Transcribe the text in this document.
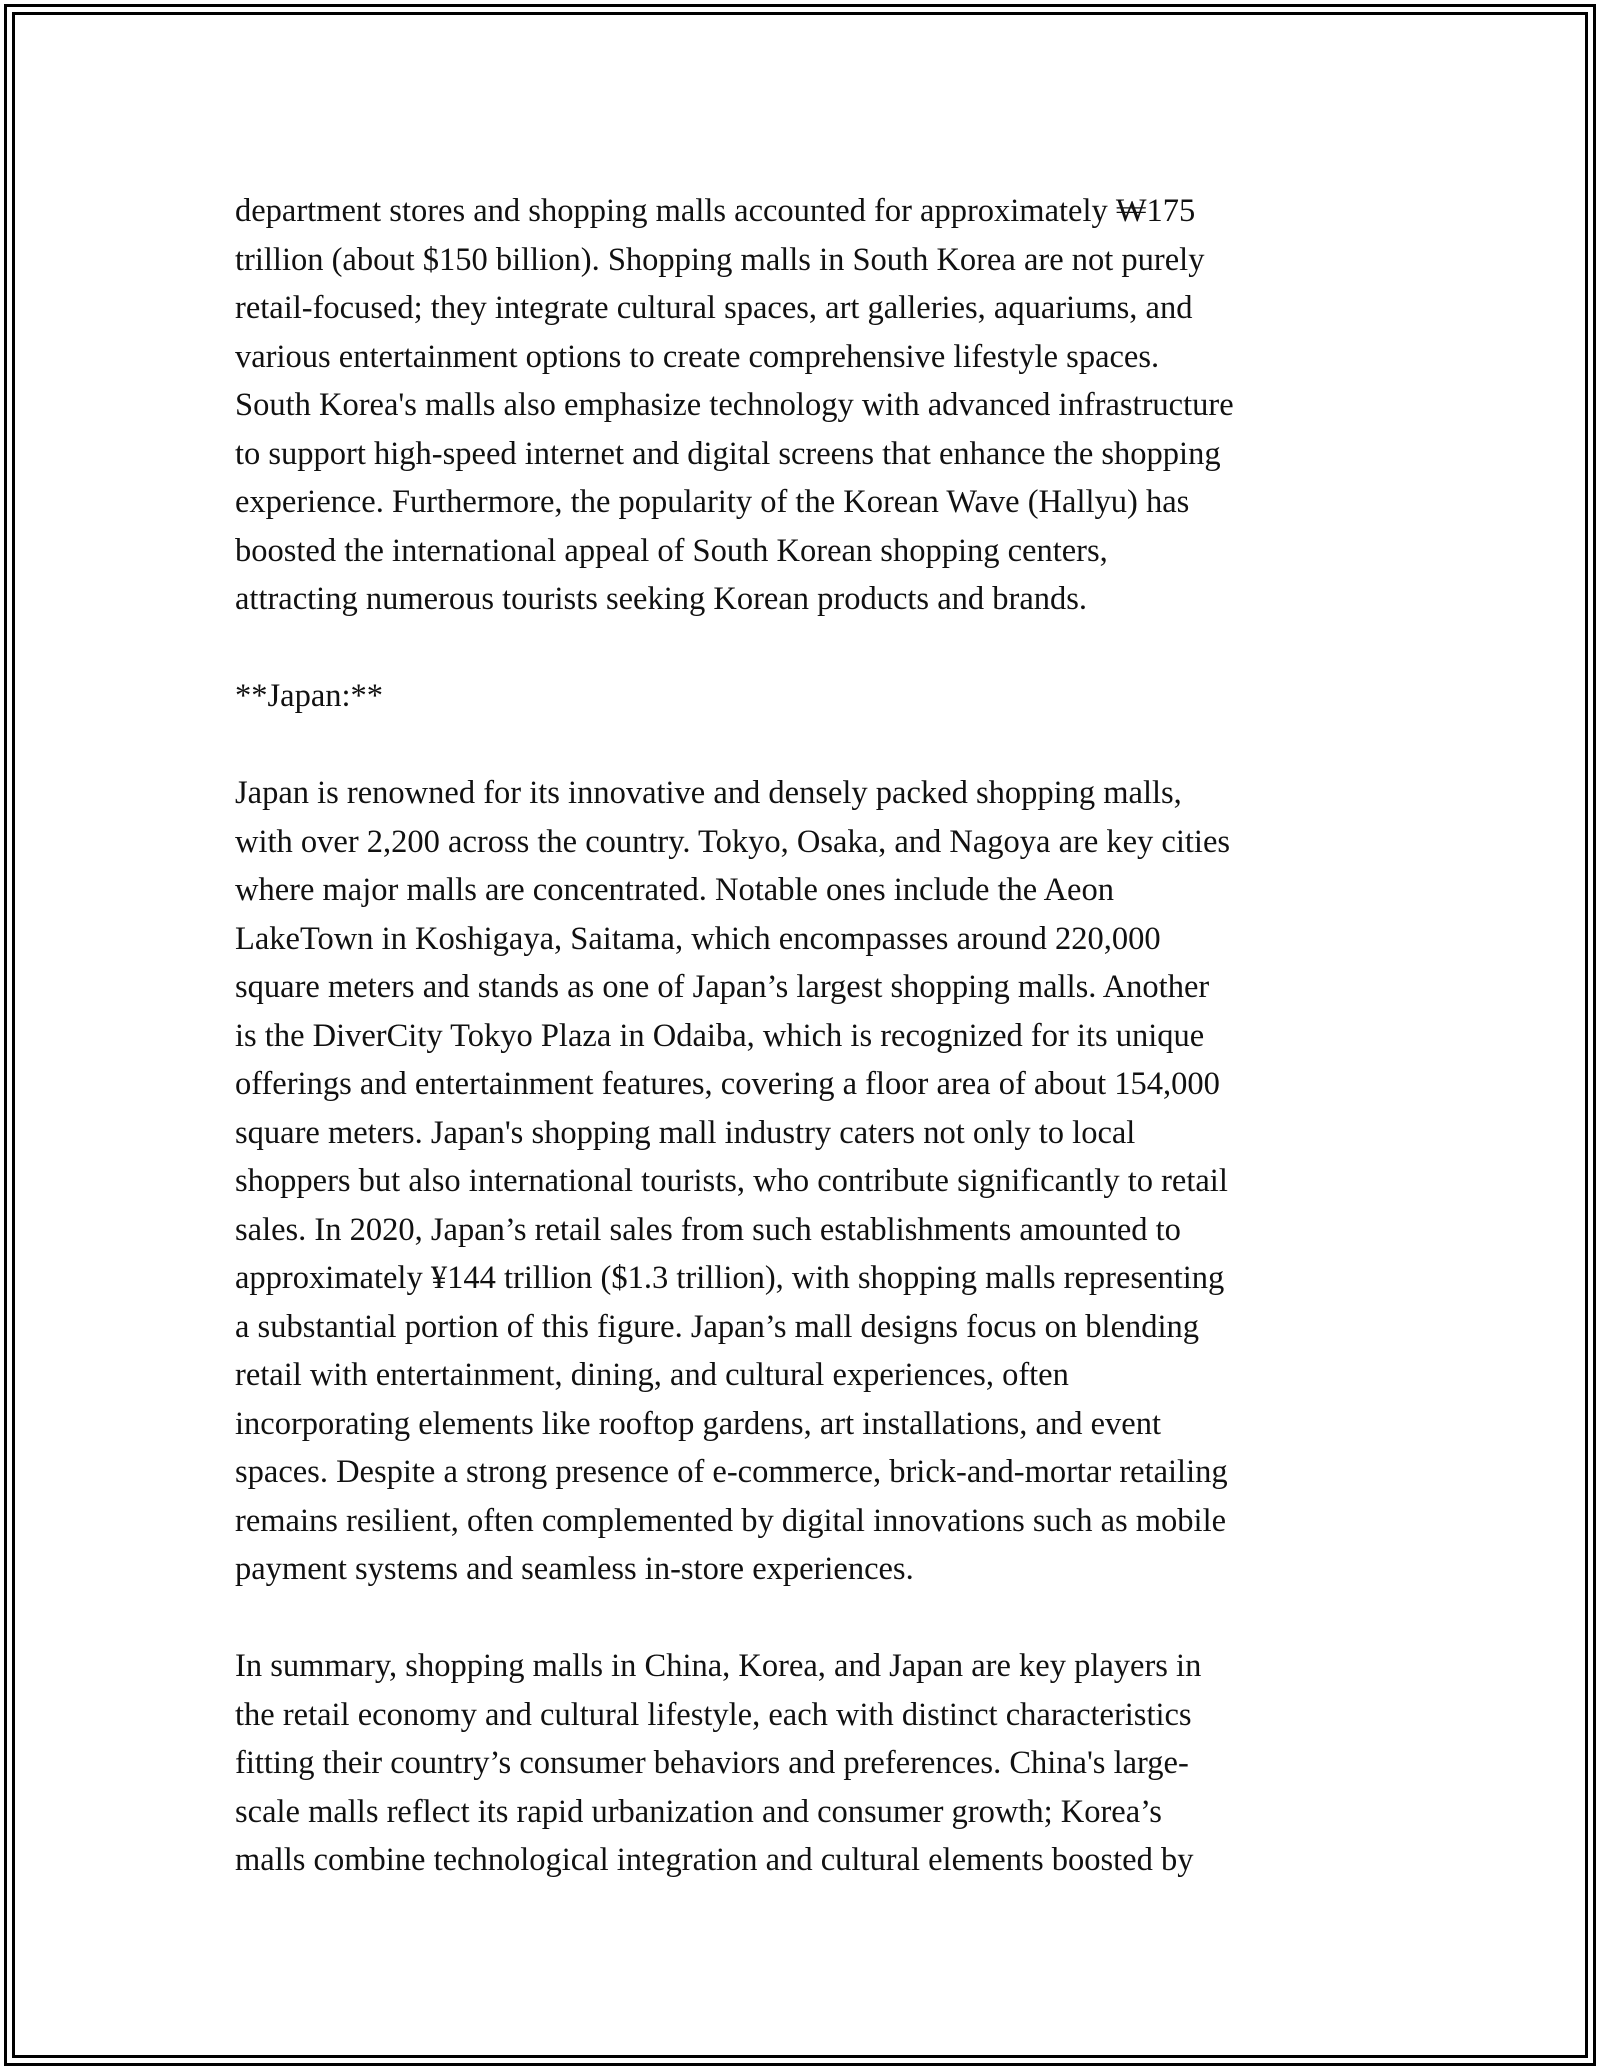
department stores and shopping malls accounted for approximately ₩175
trillion (about $150 billion). Shopping malls in South Korea are not purely
retail-focused; they integrate cultural spaces, art galleries, aquariums, and
various entertainment options to create comprehensive lifestyle spaces.
South Korea's malls also emphasize technology with advanced infrastructure
to support high-speed internet and digital screens that enhance the shopping
experience. Furthermore, the popularity of the Korean Wave (Hallyu) has
boosted the international appeal of South Korean shopping centers,
attracting numerous tourists seeking Korean products and brands.

**Japan:**

Japan is renowned for its innovative and densely packed shopping malls,
with over 2,200 across the country. Tokyo, Osaka, and Nagoya are key cities
where major malls are concentrated. Notable ones include the Aeon
LakeTown in Koshigaya, Saitama, which encompasses around 220,000
square meters and stands as one of Japan’s largest shopping malls. Another
is the DiverCity Tokyo Plaza in Odaiba, which is recognized for its unique
offerings and entertainment features, covering a floor area of about 154,000
square meters. Japan's shopping mall industry caters not only to local
shoppers but also international tourists, who contribute significantly to retail
sales. In 2020, Japan’s retail sales from such establishments amounted to
approximately ¥144 trillion ($1.3 trillion), with shopping malls representing
a substantial portion of this figure. Japan’s mall designs focus on blending
retail with entertainment, dining, and cultural experiences, often
incorporating elements like rooftop gardens, art installations, and event
spaces. Despite a strong presence of e-commerce, brick-and-mortar retailing
remains resilient, often complemented by digital innovations such as mobile
payment systems and seamless in-store experiences.

In summary, shopping malls in China, Korea, and Japan are key players in
the retail economy and cultural lifestyle, each with distinct characteristics
fitting their country’s consumer behaviors and preferences. China's large-
scale malls reflect its rapid urbanization and consumer growth; Korea’s
malls combine technological integration and cultural elements boosted by
